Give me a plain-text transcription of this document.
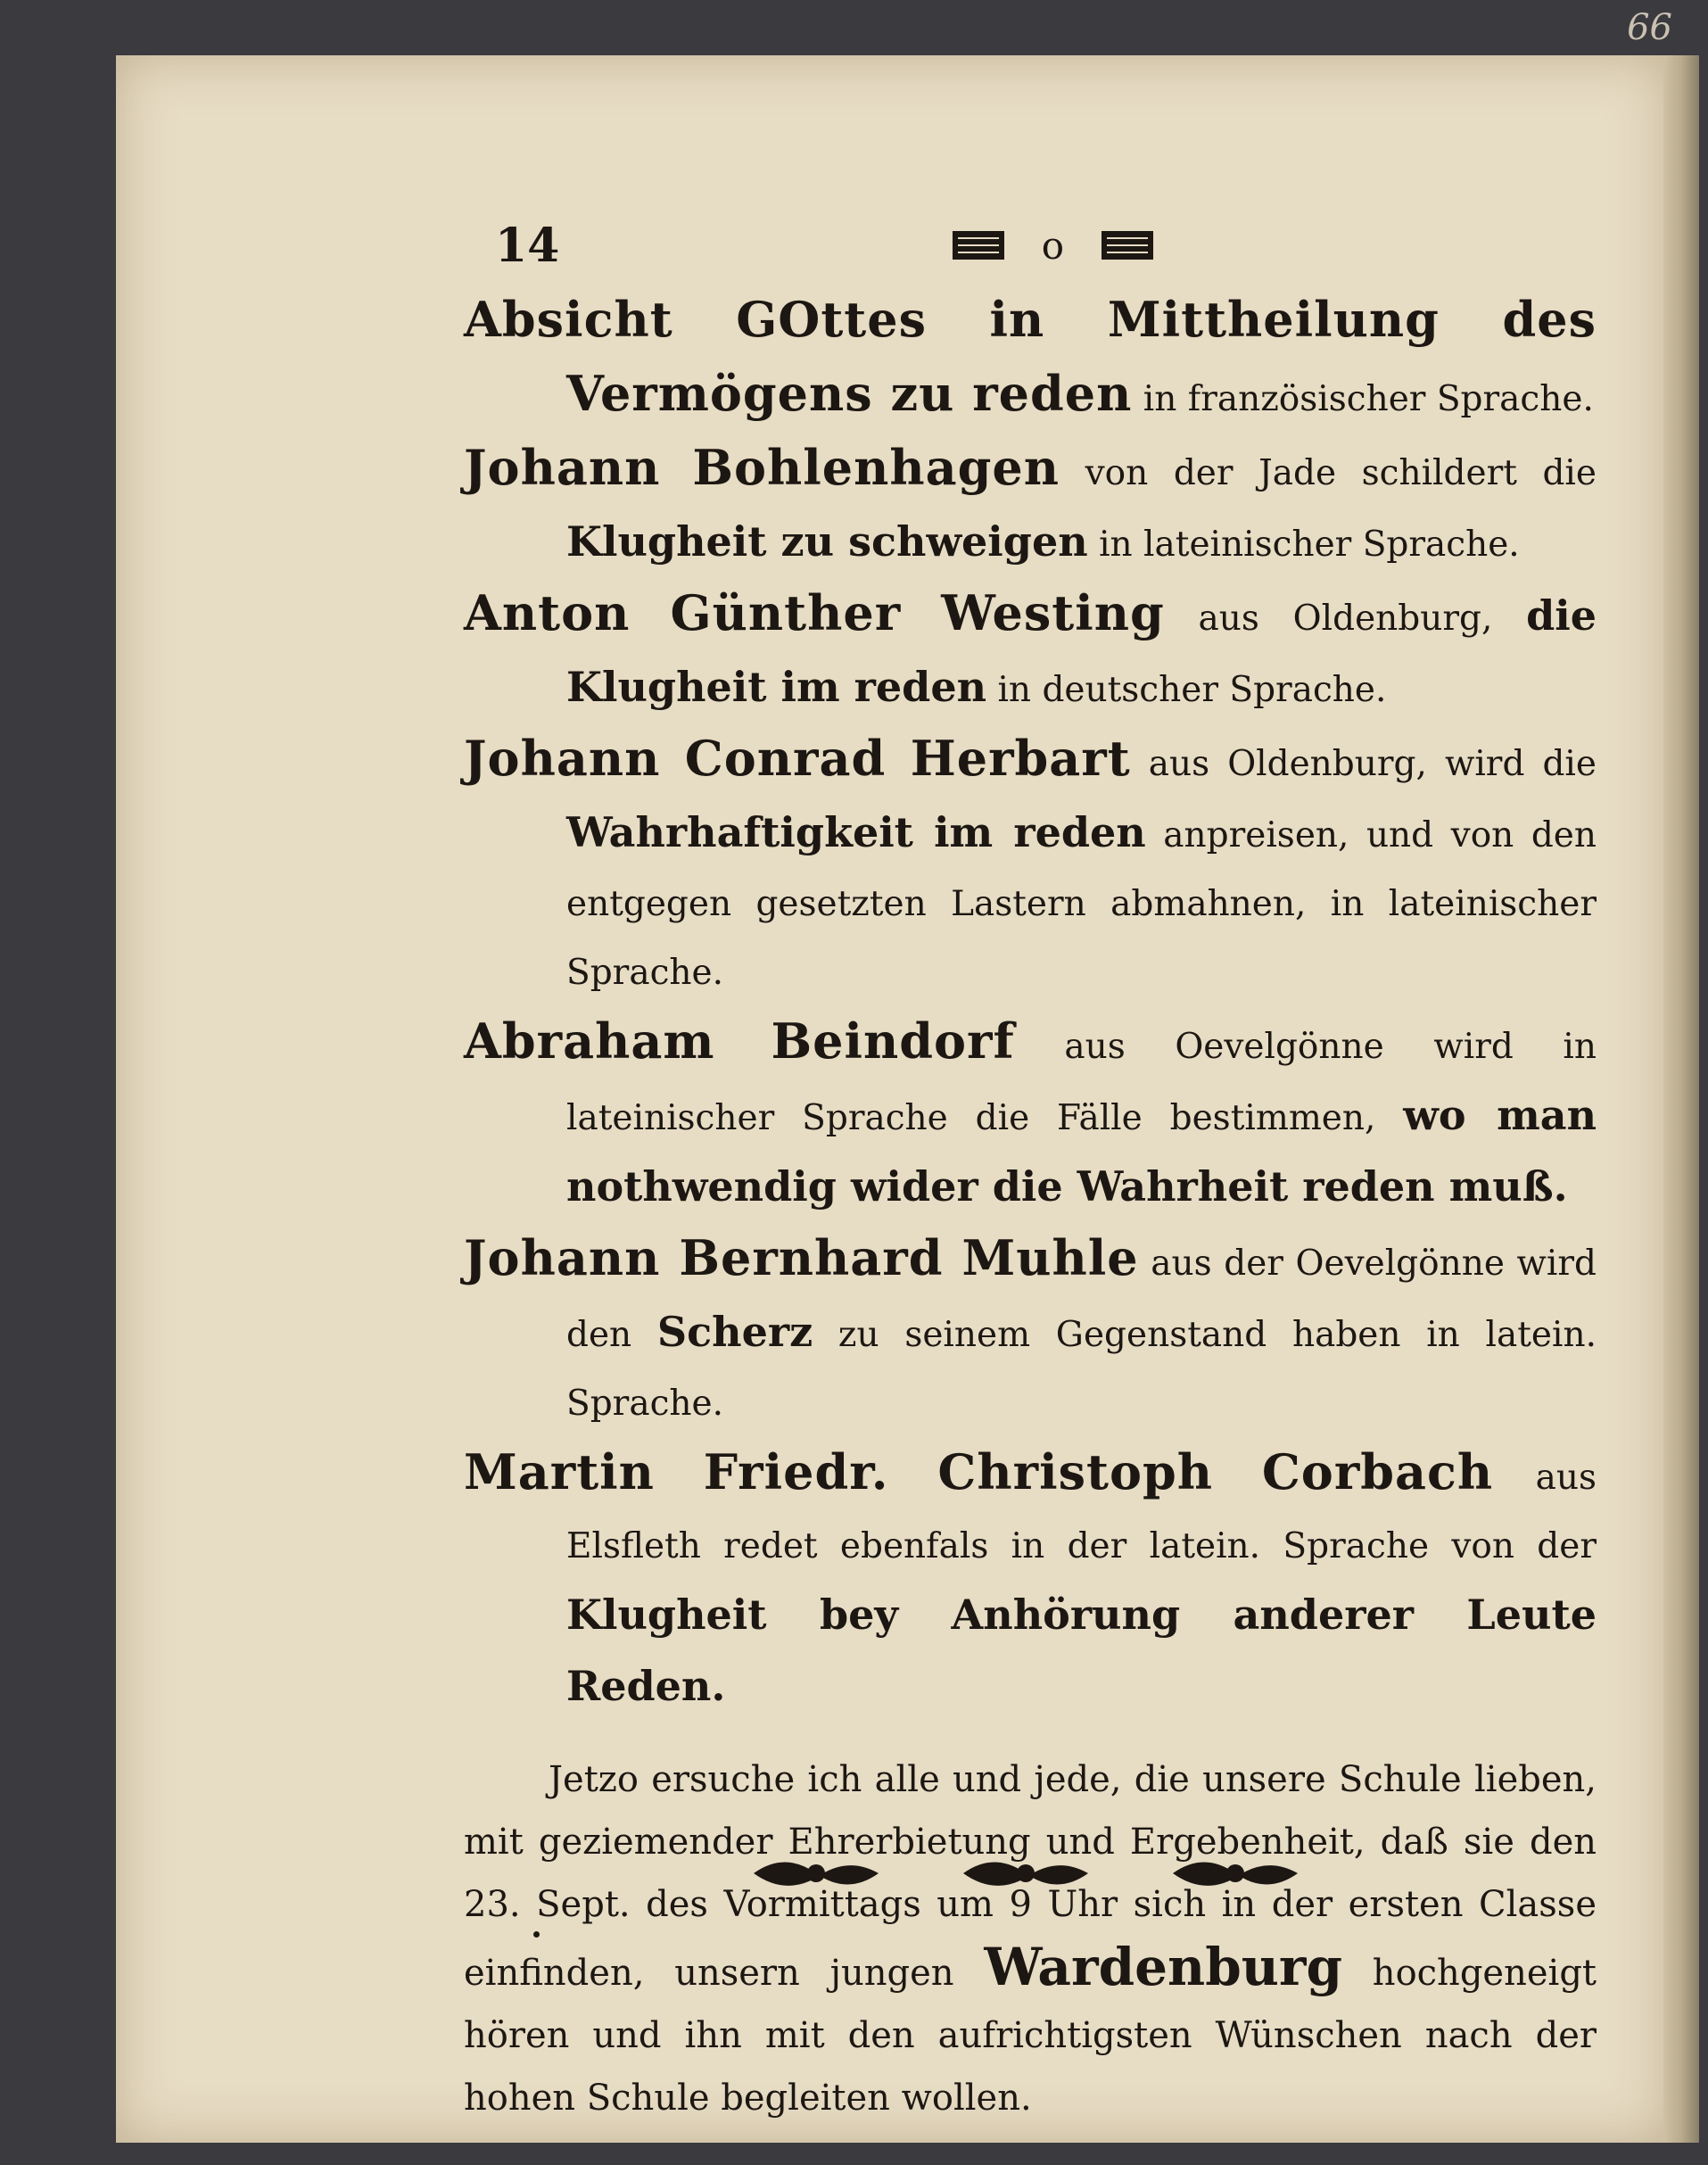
66
14	o

Absicht GOttes in Mittheilung des Vermögens zu reden in französischer Sprache.

Johann Bohlenhagen von der Jade schildert die Klugheit zu schweigen in lateinischer Sprache.

Anton Günther Westing aus Oldenburg, die Klugheit im reden in deutscher Sprache.

Johann Conrad Herbart aus Oldenburg, wird die Wahrhaftigkeit im reden anpreisen, und von den entgegen gesetzten Lastern abmahnen, in lateinischer Sprache.

Abraham Beindorf aus Oevelgönne wird in lateinischer Sprache die Fälle bestimmen, wo man nothwendig wider die Wahrheit reden muß.

Johann Bernhard Muhle aus der Oevelgönne wird den Scherz zu seinem Gegenstand haben in latein. Sprache.

Martin Friedr. Christoph Corbach aus Elsfleth redet ebenfals in der latein. Sprache von der Klugheit bey Anhörung anderer Leute Reden.

Jetzo ersuche ich alle und jede, die unsere Schule lieben, mit geziemender Ehrerbietung und Ergebenheit, daß sie den 23. Sept. des Vormittags um 9 Uhr sich in der ersten Classe einfinden, unsern jungen Wardenburg hochgeneigt hören und ihn mit den aufrichtigsten Wünschen nach der hohen Schule begleiten wollen.
